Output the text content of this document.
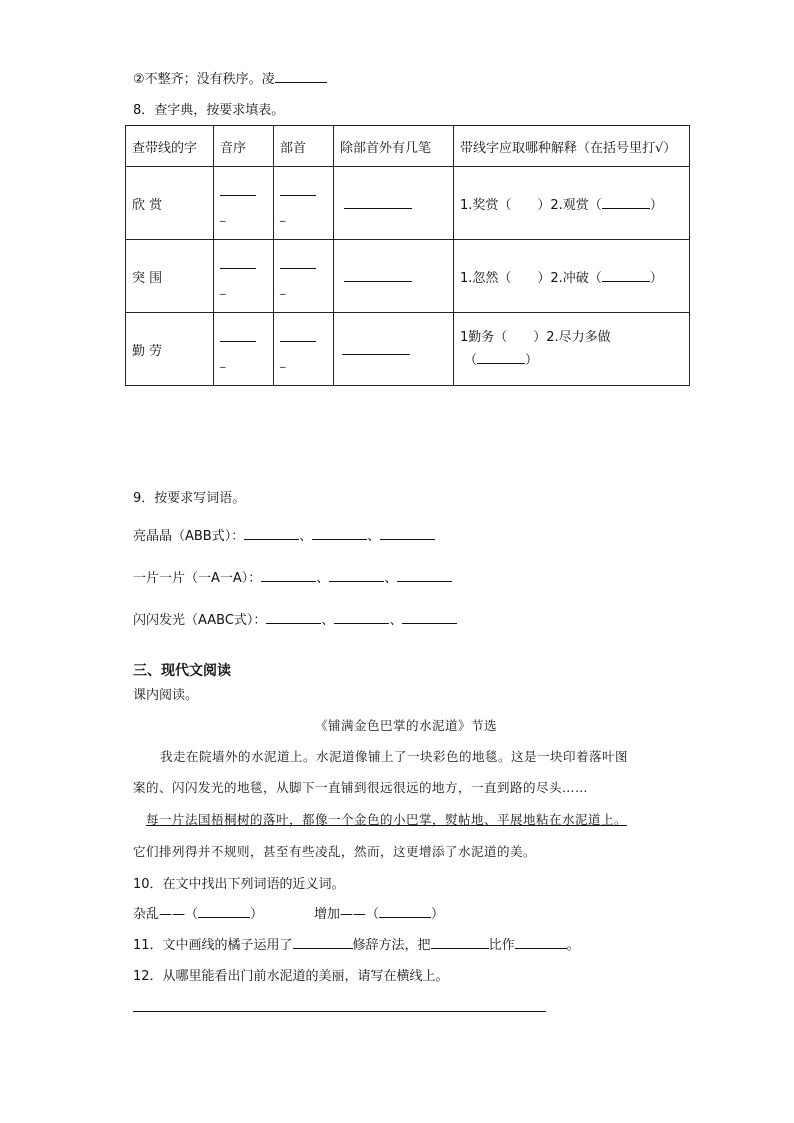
②不整齐；没有秩序。凌
8．查字典，按要求填表。
查带线的字	音序	部首	除部首外有几笔	带线字应取哪种解释（在括号里打√）
欣 赏	_	_		1.奖赏（　　）2.观赏（ ）
突 围	_	_		1.忽然（　　）2.冲破（ ）
勤 劳	_	_		1勤务（　　）2.尽力多做
（ ）
9．按要求写词语。
亮晶晶（ABB式）：	、	、
一片一片（一A一A）：	、	、
闪闪发光（AABC式）：	、	、
三、现代文阅读
课内阅读。
《铺满金色巴掌的水泥道》节选
我走在院墙外的水泥道上。水泥道像铺上了一块彩色的地毯。这是一块印着落叶图
案的、闪闪发光的地毯，从脚下一直铺到很远很远的地方，一直到路的尽头……
每一片法国梧桐树的落叶，都像一个金色的小巴掌，熨帖地、平展地粘在水泥道上。
它们排列得并不规则，甚至有些凌乱，然而，这更增添了水泥道的美。
10．在文中找出下列词语的近义词。
杂乱——（	）	增加——（	）
11．文中画线的橘子运用了	修辞方法，把	比作	。
12．从哪里能看出门前水泥道的美丽，请写在横线上。
